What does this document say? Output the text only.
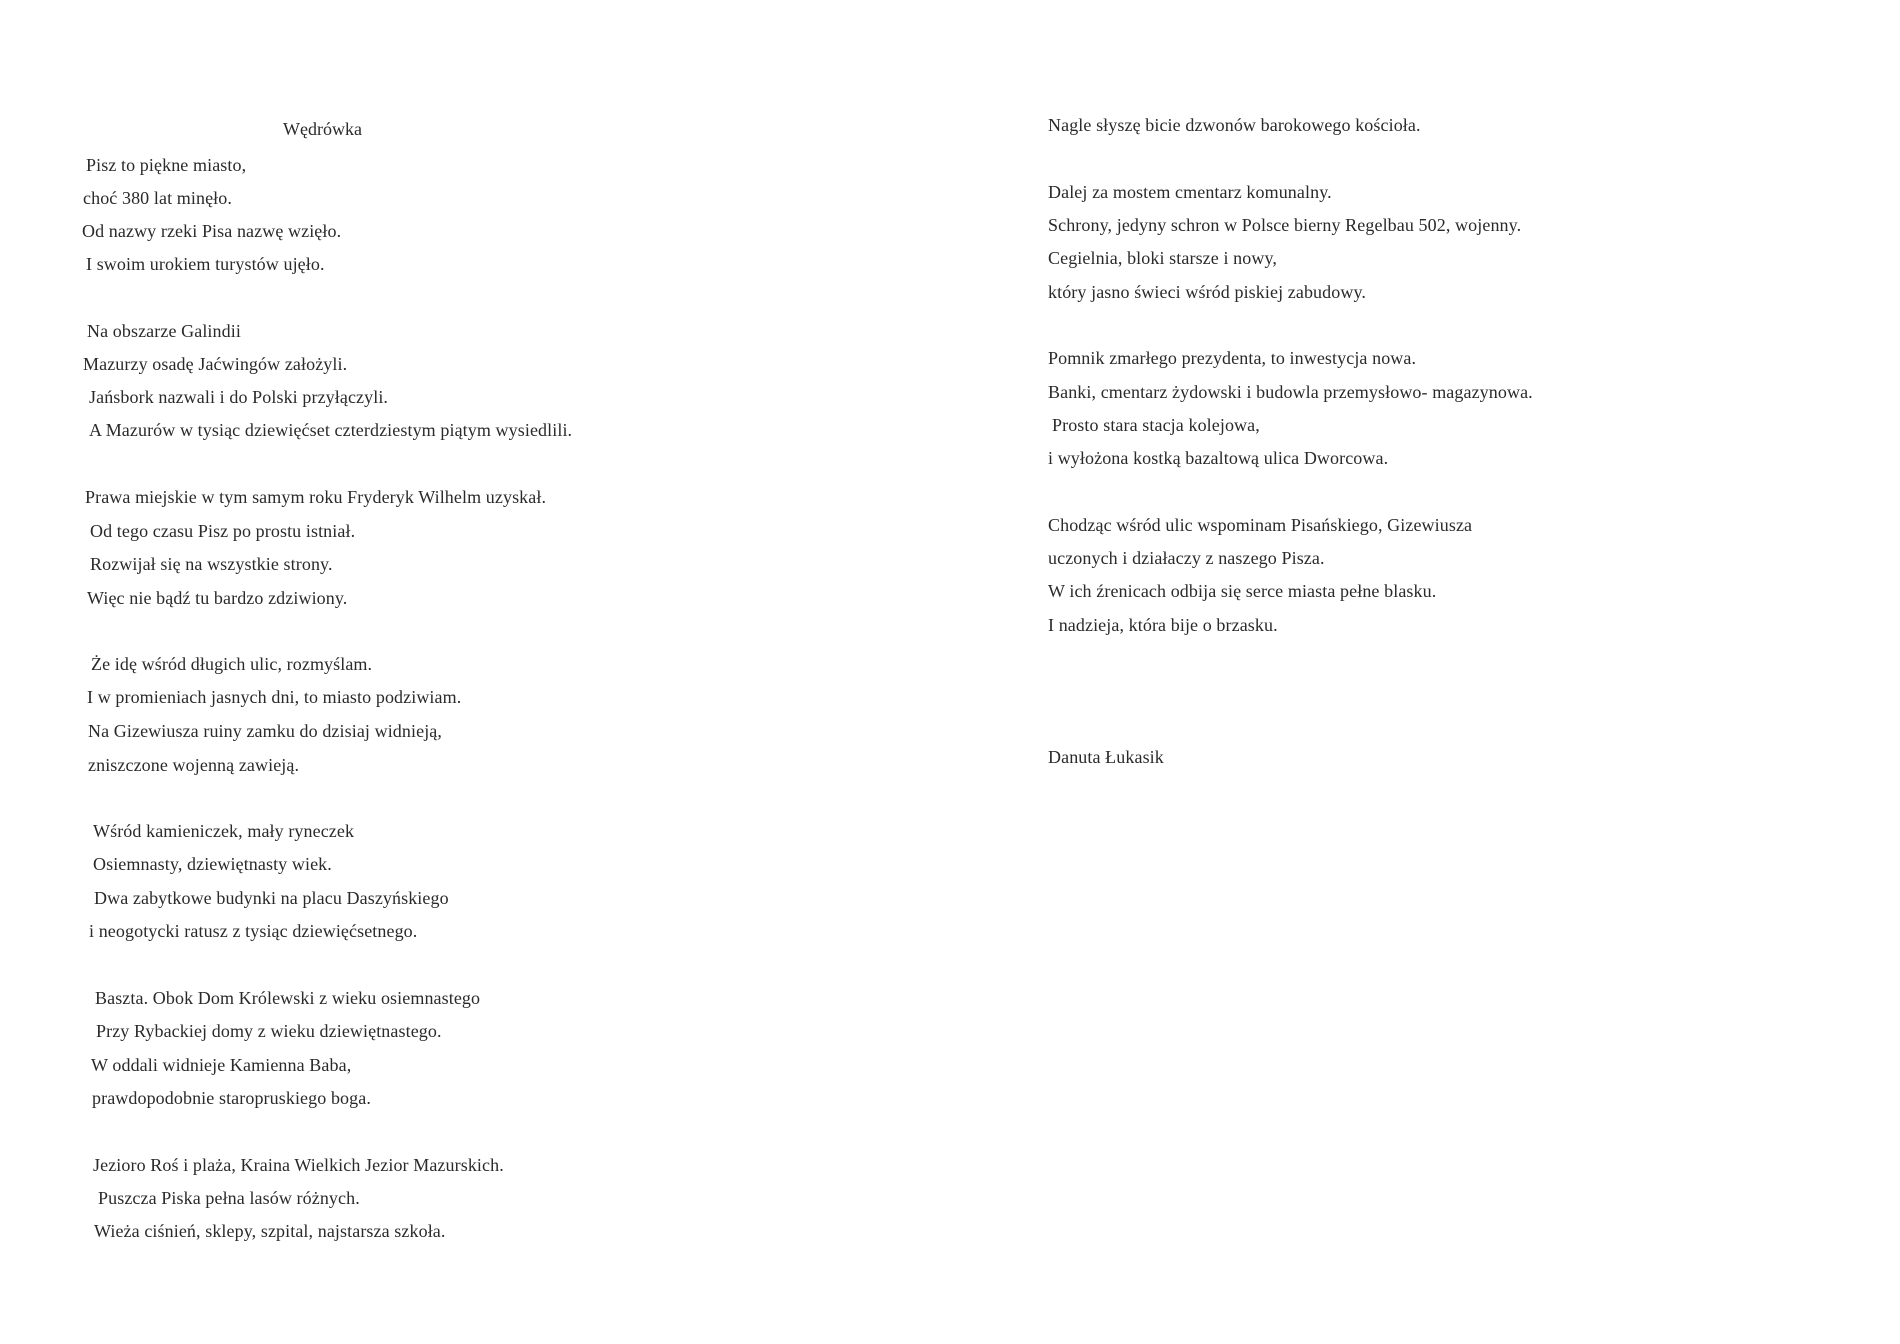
Wędrówka
Pisz to piękne miasto,
choć 380 lat minęło.
Od nazwy rzeki Pisa nazwę wzięło.
I swoim urokiem turystów ujęło.
Na obszarze Galindii
Mazurzy osadę Jaćwingów założyli.
Jańsbork nazwali i do Polski przyłączyli.
A Mazurów w tysiąc dziewięćset czterdziestym piątym wysiedlili.
Prawa miejskie w tym samym roku Fryderyk Wilhelm uzyskał.
Od tego czasu Pisz po prostu istniał.
Rozwijał się na wszystkie strony.
Więc nie bądź tu bardzo zdziwiony.
Że idę wśród długich ulic, rozmyślam.
I w promieniach jasnych dni, to miasto podziwiam.
Na Gizewiusza ruiny zamku do dzisiaj widnieją,
zniszczone wojenną zawieją.
Wśród kamieniczek, mały ryneczek
Osiemnasty, dziewiętnasty wiek.
Dwa zabytkowe budynki na placu Daszyńskiego
i neogotycki ratusz z tysiąc dziewięćsetnego.
Baszta. Obok Dom Królewski z wieku osiemnastego
Przy Rybackiej domy z wieku dziewiętnastego.
W oddali widnieje Kamienna Baba,
prawdopodobnie staropruskiego boga.
Jezioro Roś i plaża, Kraina Wielkich Jezior Mazurskich.
Puszcza Piska pełna lasów różnych.
Wieża ciśnień, sklepy, szpital, najstarsza szkoła.
Nagle słyszę bicie dzwonów barokowego kościoła.
Dalej za mostem cmentarz komunalny.
Schrony, jedyny schron w Polsce bierny Regelbau 502, wojenny.
Cegielnia, bloki starsze i nowy,
który jasno świeci wśród piskiej zabudowy.
Pomnik zmarłego prezydenta, to inwestycja nowa.
Banki, cmentarz żydowski i budowla przemysłowo- magazynowa.
Prosto stara stacja kolejowa,
i wyłożona kostką bazaltową ulica Dworcowa.
Chodząc wśród ulic wspominam Pisańskiego, Gizewiusza
uczonych i działaczy z naszego Pisza.
W ich źrenicach odbija się serce miasta pełne blasku.
I nadzieja, która bije o brzasku.
Danuta Łukasik
